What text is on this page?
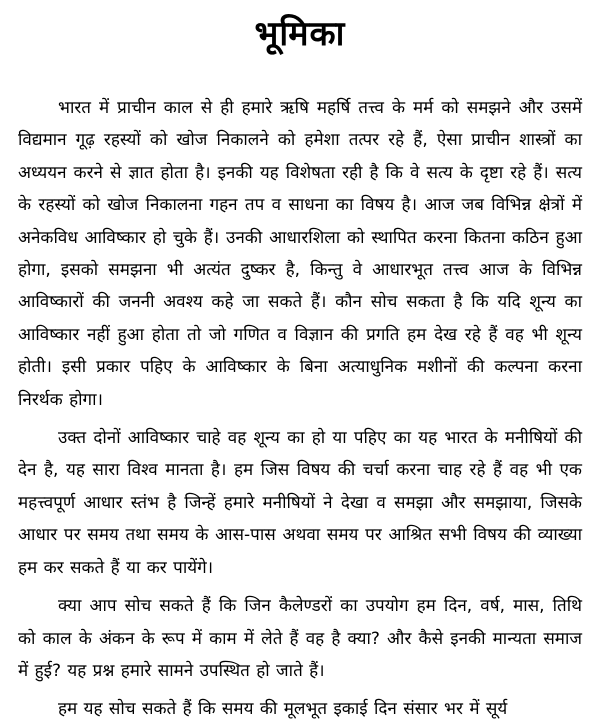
भूमिका

भारत में प्राचीन काल से ही हमारे ऋषि महर्षि तत्त्व के मर्म को समझने और उसमें विद्यमान गूढ़ रहस्यों को खोज निकालने को हमेशा तत्पर रहे हैं, ऐसा प्राचीन शास्त्रों का अध्ययन करने से ज्ञात होता है। इनकी यह विशेषता रही है कि वे सत्य के दृष्टा रहे हैं। सत्य के रहस्यों को खोज निकालना गहन तप व साधना का विषय है। आज जब विभिन्न क्षेत्रों में अनेकविध आविष्कार हो चुके हैं। उनकी आधारशिला को स्थापित करना कितना कठिन हुआ होगा, इसको समझना भी अत्यंत दुष्कर है, किन्तु वे आधारभूत तत्त्व आज के विभिन्न आविष्कारों की जननी अवश्य कहे जा सकते हैं। कौन सोच सकता है कि यदि शून्य का आविष्कार नहीं हुआ होता तो जो गणित व विज्ञान की प्रगति हम देख रहे हैं वह भी शून्य होती। इसी प्रकार पहिए के आविष्कार के बिना अत्याधुनिक मशीनों की कल्पना करना निरर्थक होगा।

उक्त दोनों आविष्कार चाहे वह शून्य का हो या पहिए का यह भारत के मनीषियों की देन है, यह सारा विश्व मानता है। हम जिस विषय की चर्चा करना चाह रहे हैं वह भी एक महत्त्वपूर्ण आधार स्तंभ है जिन्हें हमारे मनीषियों ने देखा व समझा और समझाया, जिसके आधार पर समय तथा समय के आस-पास अथवा समय पर आश्रित सभी विषय की व्याख्या हम कर सकते हैं या कर पायेंगे।

क्या आप सोच सकते हैं कि जिन कैलेण्डरों का उपयोग हम दिन, वर्ष, मास, तिथि को काल के अंकन के रूप में काम में लेते हैं वह है क्या? और कैसे इनकी मान्यता समाज में हुई? यह प्रश्न हमारे सामने उपस्थित हो जाते हैं।

हम यह सोच सकते हैं कि समय की मूलभूत इकाई दिन संसार भर में सूर्य
